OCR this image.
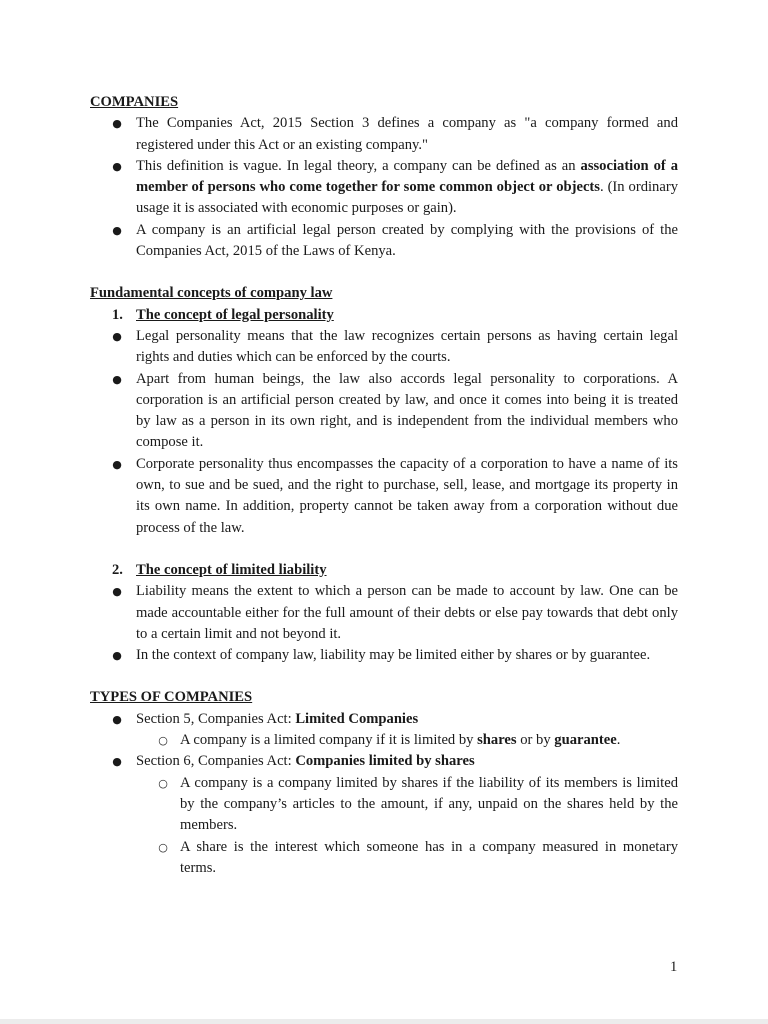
COMPANIES

● The Companies Act, 2015 Section 3 defines a company as "a company formed and registered under this Act or an existing company."
● This definition is vague. In legal theory, a company can be defined as an association of a member of persons who come together for some common object or objects. (In ordinary usage it is associated with economic purposes or gain).
● A company is an artificial legal person created by complying with the provisions of the Companies Act, 2015 of the Laws of Kenya.

Fundamental concepts of company law

1. The concept of legal personality
● Legal personality means that the law recognizes certain persons as having certain legal rights and duties which can be enforced by the courts.
● Apart from human beings, the law also accords legal personality to corporations. A corporation is an artificial person created by law, and once it comes into being it is treated by law as a person in its own right, and is independent from the individual members who compose it.
● Corporate personality thus encompasses the capacity of a corporation to have a name of its own, to sue and be sued, and the right to purchase, sell, lease, and mortgage its property in its own name. In addition, property cannot be taken away from a corporation without due process of the law.
2. The concept of limited liability
● Liability means the extent to which a person can be made to account by law. One can be made accountable either for the full amount of their debts or else pay towards that debt only to a certain limit and not beyond it.
● In the context of company law, liability may be limited either by shares or by guarantee.

TYPES OF COMPANIES

● Section 5, Companies Act: Limited Companies
○ A company is a limited company if it is limited by shares or by guarantee.
● Section 6, Companies Act: Companies limited by shares
○ A company is a company limited by shares if the liability of its members is limited by the company’s articles to the amount, if any, unpaid on the shares held by the members.
○ A share is the interest which someone has in a company measured in monetary terms.
1
